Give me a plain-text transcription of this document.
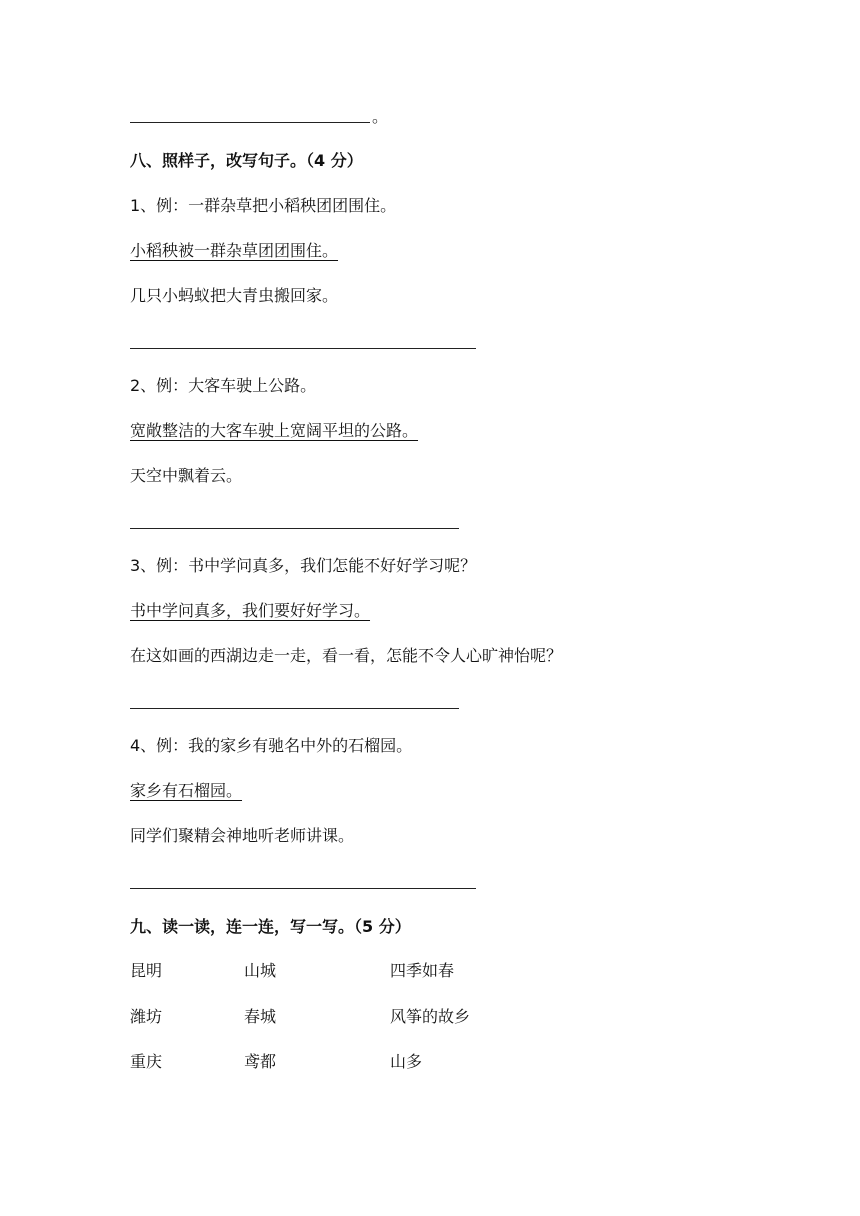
。
八、照样子，改写句子。（4 分）
1、例：一群杂草把小稻秧团团围住。
小稻秧被一群杂草团团围住。
几只小蚂蚁把大青虫搬回家。
2、例：大客车驶上公路。
宽敞整洁的大客车驶上宽阔平坦的公路。
天空中飘着云。
3、例：书中学问真多，我们怎能不好好学习呢？
书中学问真多，我们要好好学习。
在这如画的西湖边走一走，看一看，怎能不令人心旷神怡呢？
4、例：我的家乡有驰名中外的石榴园。
家乡有石榴园。
同学们聚精会神地听老师讲课。
九、读一读，连一连，写一写。（5 分）
昆明	山城	四季如春
潍坊	春城	风筝的故乡
重庆	鸢都	山多
